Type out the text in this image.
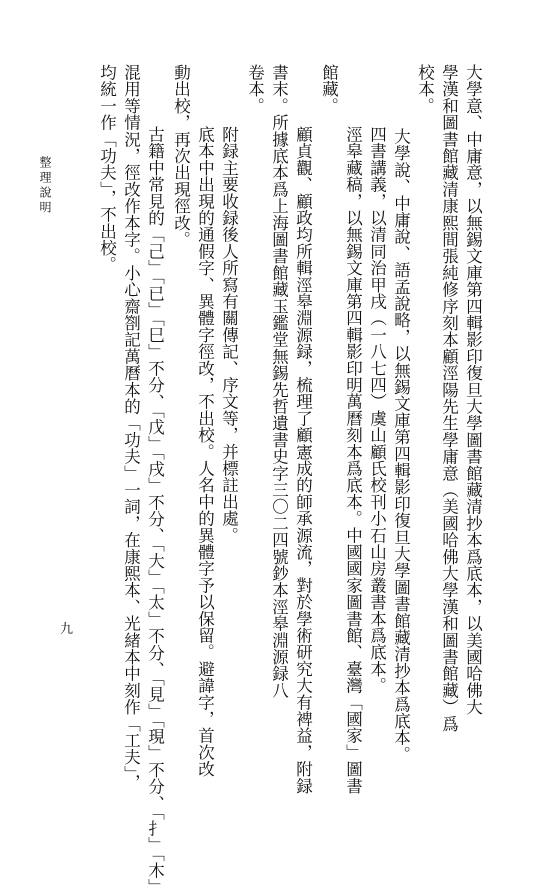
大學意、中庸意，以無錫文庫第四輯影印復旦大學圖書館藏清抄本爲底本，以美國哈佛大
學漢和圖書館藏清康熙間張純修序刻本顧涇陽先生學庸意（美國哈佛大學漢和圖書館藏）爲
校本。
大學說、中庸說、語孟說略，以無錫文庫第四輯影印復旦大學圖書館藏清抄本爲底本。
四書講義，以清同治甲戌（一八七四）虞山顧氏校刊小石山房叢書本爲底本。
涇皋藏稿，以無錫文庫第四輯影印明萬曆刻本爲底本。中國國家圖書館、臺灣「國家」圖書
館藏。
顧貞觀、顧政均所輯涇皋淵源録，梳理了顧憲成的師承源流，對於學術研究大有裨益，附録
書末。所據底本爲上海圖書館藏玉鑑堂無錫先哲遺書史字三〇二四號鈔本涇皋淵源録八
卷本。
附録主要收録後人所寫有關傳記、序文等，并標註出處。
底本中出現的通假字、異體字徑改，不出校。人名中的異體字予以保留。避諱字，首次改
動出校，再次出現徑改。
古籍中常見的「己」「已」「巳」不分、「戊」「戌」不分、「大」「太」不分、「見」「現」不分、「扌」「木」
混用等情況，徑改作本字。小心齋劄記萬曆本的「功夫」一詞，在康熙本、光緒本中刻作「工夫」，
均統一作「功夫」，不出校。
整理說明
九
